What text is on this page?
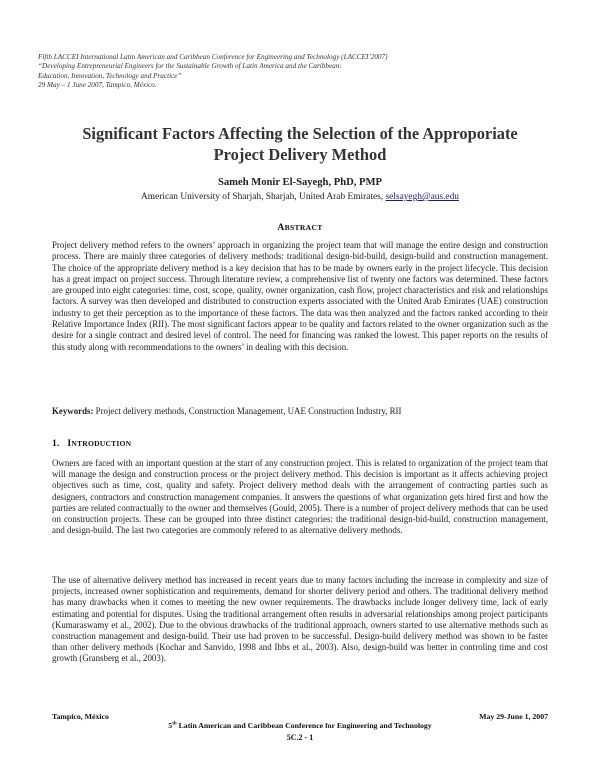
Fifth LACCEI International Latin American and Caribbean Conference for Engineering and Technology (LACCEI’2007)
“Developing Entrepreneurial Engineers for the Sustainable Growth of Latin America and the Caribbean:
Education, Innovation, Technology and Practice”
29 May – 1 June 2007, Tampico, México.
Significant Factors Affecting the Selection of the Approporiate
Project Delivery Method
Sameh Monir El-Sayegh, PhD, PMP
American University of Sharjah, Sharjah, United Arab Emirates, selsayegh@aus.edu
ABSTRACT
Project delivery method refers to the owners’ approach in organizing the project team that will manage the entire design and construction process. There are mainly three categories of delivery methods: traditional design-bid-build, design-build and construction management. The choice of the appropriate delivery method is a key decision that has to be made by owners early in the project lifecycle. This decision has a great impact on project success. Through literature review, a comprehensive list of twenty one factors was determined. These factors are grouped into eight categories: time, cost, scope, quality, owner organization, cash flow, project characteristics and risk and relationships factors. A survey was then developed and distributed to construction experts associated with the United Arab Emirates (UAE) construction industry to get their perception as to the importance of these factors. The data was then analyzed and the factors ranked according to their Relative Importance Index (RII). The most significant factors appear to be quality and factors related to the owner organization such as the desire for a single contract and desired level of control. The need for financing was ranked the lowest. This paper reports on the results of this study along with recommendations to the owners’ in dealing with this decision.
Keywords: Project delivery methods, Construction Management, UAE Construction Industry, RII
1. INTRODUCTION
Owners are faced with an important question at the start of any construction project. This is related to organization of the project team that will manage the design and construction process or the project delivery method. This decision is important as it affects achieving project objectives such as time, cost, quality and safety. Project delivery method deals with the arrangement of contracting parties such as designers, contractors and construction management companies. It answers the questions of what organization gets hired first and how the parties are related contractually to the owner and themselves (Gould, 2005). There is a number of project delivery methods that can be used on construction projects. These can be grouped into three distinct categories: the traditional design-bid-build, construction management, and design-build. The last two categories are commonly refered to as alternative delivery methods.
The use of alternative delivery method has increased in recent years due to many factors including the increase in complexity and size of projects, increased owner sophistication and requirements, demand for shorter delivery period and others. The traditional delivery method has many drawbacks when it comes to meeting the new owner requirements. The drawbacks include longer delivery time, lack of early estimating and potential for disputes. Using the traditional arrangement often results in adversarial relationships among project participants (Kumaraswamy et al., 2002). Due to the obvious drawbacks of the traditional approach, owners started to use alternative methods such as construction management and design-build. Their use had proven to be successful. Design-build delivery method was shown to be faster than other delivery methods (Kochar and Sanvido, 1998 and Ibbs et al., 2003). Also, design-build was better in controling time and cost growth (Gransberg et al., 2003).
Tampico, México	May 29-June 1, 2007
5th Latin American and Caribbean Conference for Engineering and Technology
5C.2 - 1
